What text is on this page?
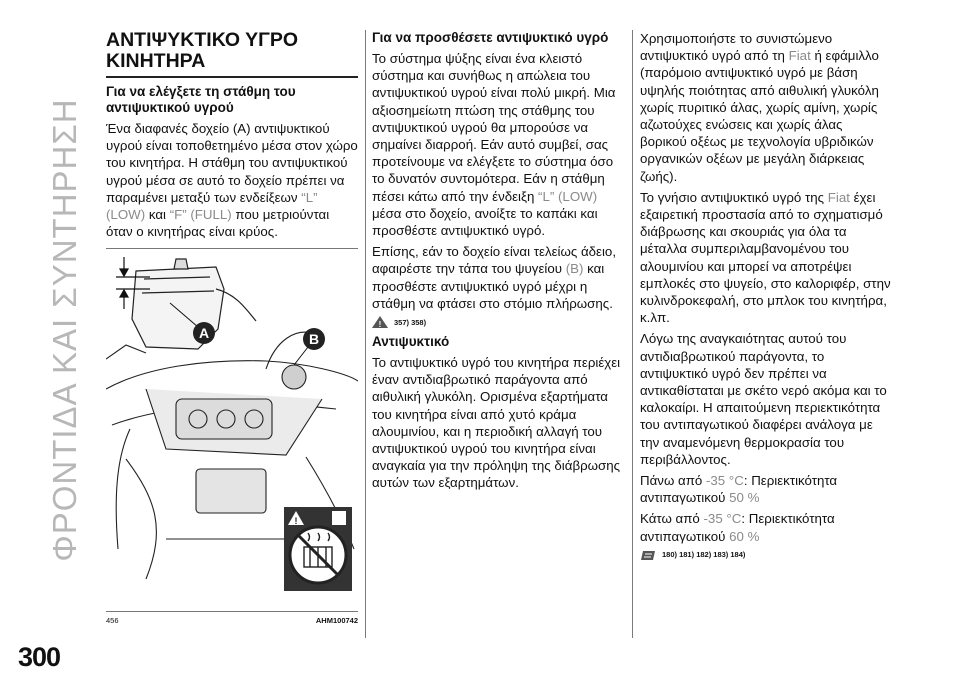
ΦΡΟΝΤΙΔΑ ΚΑΙ ΣΥΝΤΗΡΗΣΗ
300
ΑΝΤΙΨΥΚΤΙΚΟ ΥΓΡΟ ΚΙΝΗΤΗΡΑ
Για να ελέγξετε τη στάθμη του αντιψυκτικού υγρού

Ένα διαφανές δοχείο (Α) αντιψυκτικού υγρού είναι τοποθετημένο μέσα στον χώρο του κινητήρα. Η στάθμη του αντιψυκτικού υγρού μέσα σε αυτό το δοχείο πρέπει να παραμένει μεταξύ των ενδείξεων “L” (LOW) και “F” (FULL) που μετριούνται όταν ο κινητήρας είναι κρύος.

A	B
!
456	AHM100742
Για να προσθέσετε αντιψυκτικό υγρό

Το σύστημα ψύξης είναι ένα κλειστό σύστημα και συνήθως η απώλεια του αντιψυκτικού υγρού είναι πολύ μικρή. Μια αξιοσημείωτη πτώση της στάθμης του αντιψυκτικού υγρού θα μπορούσε να σημαίνει διαρροή. Εάν αυτό συμβεί, σας προτείνουμε να ελέγξετε το σύστημα όσο το δυνατόν συντομότερα. Εάν η στάθμη πέσει κάτω από την ένδειξη “L” (LOW) μέσα στο δοχείο, ανοίξτε το καπάκι και προσθέστε αντιψυκτικό υγρό.

Επίσης, εάν το δοχείο είναι τελείως άδειο, αφαιρέστε την τάπα του ψυγείου (B) και προσθέστε αντιψυκτικό υγρό μέχρι η στάθμη να φτάσει στο στόμιο πλήρωσης.

! 357) 358)
Αντιψυκτικό

Το αντιψυκτικό υγρό του κινητήρα περιέχει έναν αντιδιαβρωτικό παράγοντα από αιθυλική γλυκόλη. Ορισμένα εξαρτήματα του κινητήρα είναι από χυτό κράμα αλουμινίου, και η περιοδική αλλαγή του αντιψυκτικού υγρού του κινητήρα είναι αναγκαία για την πρόληψη της διάβρωσης αυτών των εξαρτημάτων.

Χρησιμοποιήστε το συνιστώμενο αντιψυκτικό υγρό από τη Fiat ή εφάμιλλο (παρόμοιο αντιψυκτικό υγρό με βάση υψηλής ποιότητας από αιθυλική γλυκόλη χωρίς πυριτικό άλας, χωρίς αμίνη, χωρίς αζωτούχες ενώσεις και χωρίς άλας βορικού οξέως με τεχνολογία υβριδικών οργανικών οξέων με μεγάλη διάρκειας ζωής).

Το γνήσιο αντιψυκτικό υγρό της Fiat έχει εξαιρετική προστασία από το σχηματισμό διάβρωσης και σκουριάς για όλα τα μέταλλα συμπεριλαμβανομένου του αλουμινίου και μπορεί να αποτρέψει εμπλοκές στο ψυγείο, στο καλοριφέρ, στην κυλινδροκεφαλή, στο μπλοκ του κινητήρα, κ.λπ.

Λόγω της αναγκαιότητας αυτού του αντιδιαβρωτικού παράγοντα, το αντιψυκτικό υγρό δεν πρέπει να αντικαθίσταται με σκέτο νερό ακόμα και το καλοκαίρι. Η απαιτούμενη περιεκτικότητα του αντιπαγωτικού διαφέρει ανάλογα με την αναμενόμενη θερμοκρασία του περιβάλλοντος.

Πάνω από -35 °C: Περιεκτικότητα αντιπαγωτικού 50 %

Κάτω από -35 °C: Περιεκτικότητα αντιπαγωτικού 60 %

180) 181) 182) 183) 184)
